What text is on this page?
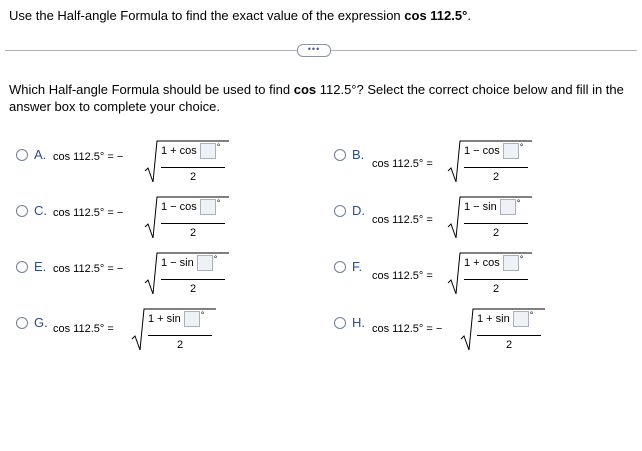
Use the Half-angle Formula to find the exact value of the expression cos 112.5°.
•••
Which Half-angle Formula should be used to find cos 112.5°? Select the correct choice below and fill in the
answer box to complete your choice.
A. cos 112.5° = −	1 + cos °
2
B.
cos 112.5° =
1 − cos °
2
C. cos 112.5° = −	1 − cos °
2
D.
cos 112.5° =
1 − sin °
2
E. cos 112.5° = −	1 − sin °
2
F.
cos 112.5° =
1 + cos °
2
G. cos 112.5° =
1 + sin °
2
H. cos 112.5° = −
1 + sin °
2
